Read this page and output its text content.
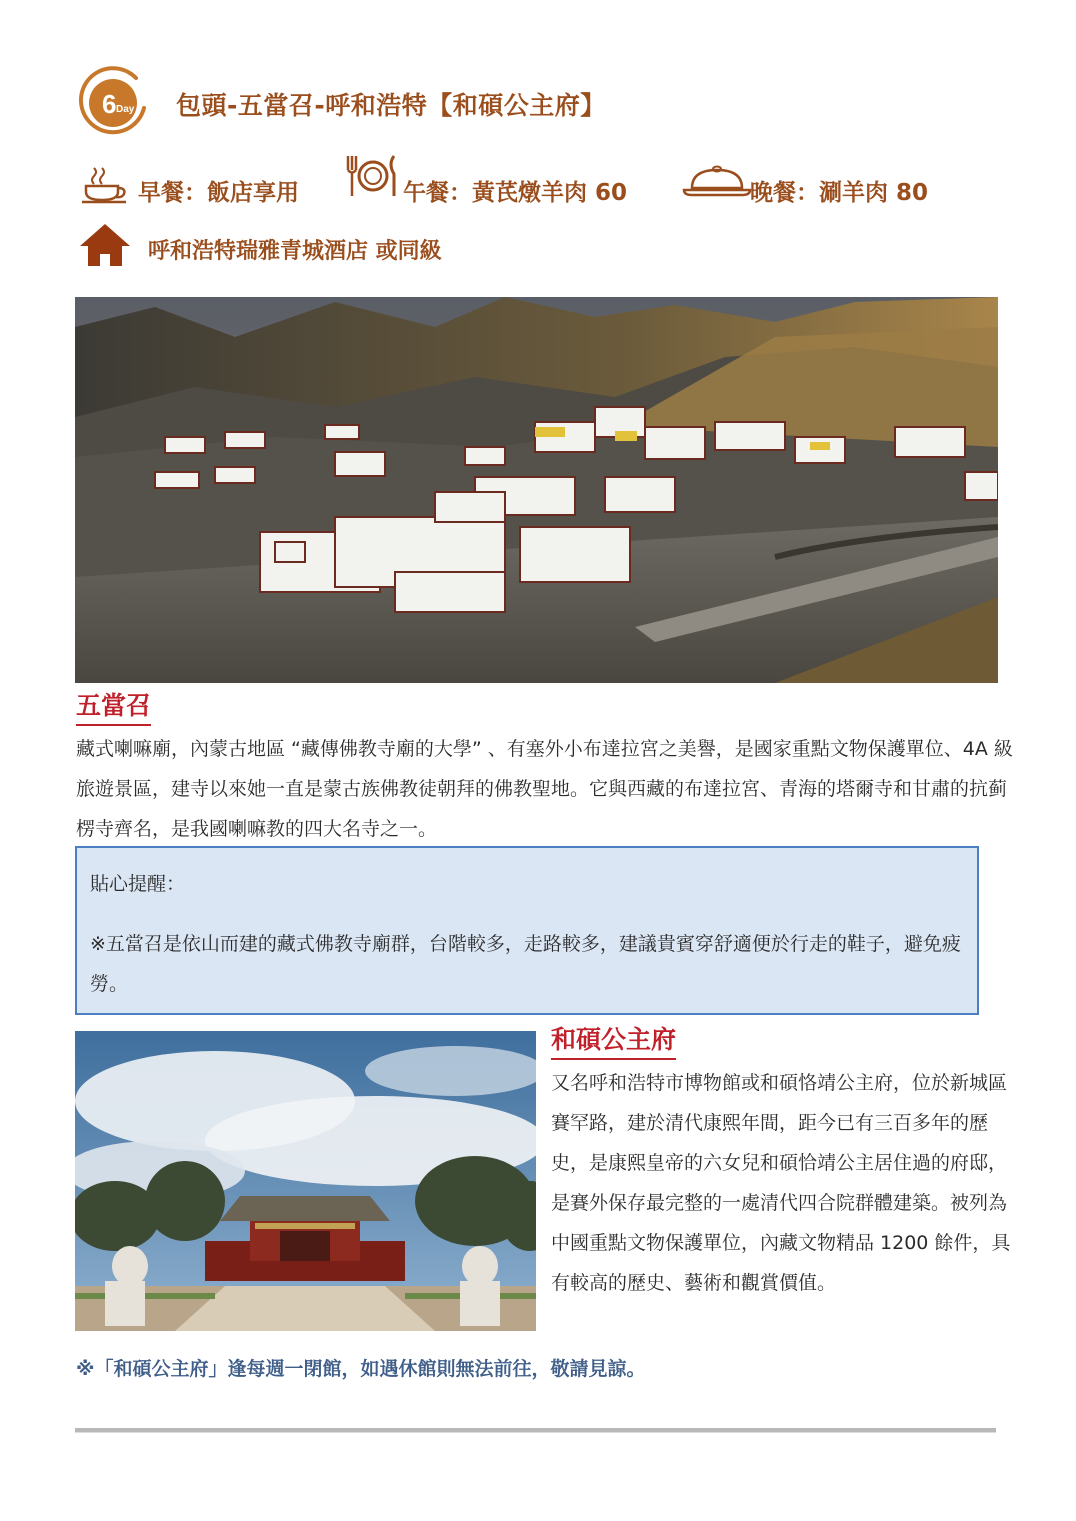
6 Day 包頭-五當召-呼和浩特【和碩公主府】
早餐：飯店享用	午餐：黃芪燉羊肉 60	晚餐：涮羊肉 80
呼和浩特瑞雅青城酒店 或同級
五當召
藏式喇嘛廟，內蒙古地區 “藏傳佛教寺廟的大學” 、有塞外小布達拉宮之美譽，是國家重點文物保護單位、4A 級旅遊景區，建寺以來她一直是蒙古族佛教徒朝拜的佛教聖地。它與西藏的布達拉宮、青海的塔爾寺和甘肅的抗蓟楞寺齊名，是我國喇嘛教的四大名寺之一。
貼心提醒：
※五當召是依山而建的藏式佛教寺廟群，台階較多，走路較多，建議貴賓穿舒適便於行走的鞋子，避免疲勞。
和碩公主府
又名呼和浩特市博物館或和碩恪靖公主府，位於新城區賽罕路，建於清代康熙年間，距今已有三百多年的歷史，是康熙皇帝的六女兒和碩恰靖公主居住過的府邸，是賽外保存最完整的一處清代四合院群體建築。被列為中國重點文物保護單位，內藏文物精品 1200 餘件，具有較高的歷史、藝術和觀賞價值。
※「和碩公主府」逢每週一閉館，如遇休館則無法前往，敬請見諒。
